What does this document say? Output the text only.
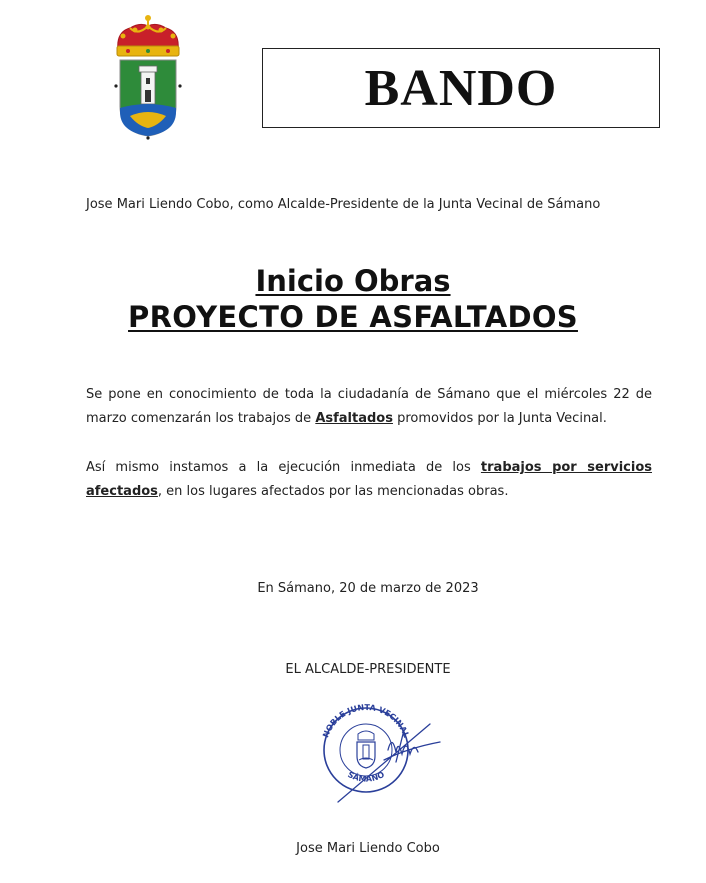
BANDO
Jose Mari Liendo Cobo, como Alcalde-Presidente de la Junta Vecinal de Sámano
Inicio Obras
PROYECTO DE ASFALTADOS
Se pone en conocimiento de toda la ciudadanía de Sámano que el miércoles 22 de
marzo comenzarán los trabajos de Asfaltados promovidos por la Junta Vecinal.
Así mismo instamos a la ejecución inmediata de los trabajos por servicios
afectados, en los lugares afectados por las mencionadas obras.
En Sámano, 20 de marzo de 2023
EL ALCALDE-PRESIDENTE
NOBLE JUNTA VECINAL
SÁMANO
Jose Mari Liendo Cobo
